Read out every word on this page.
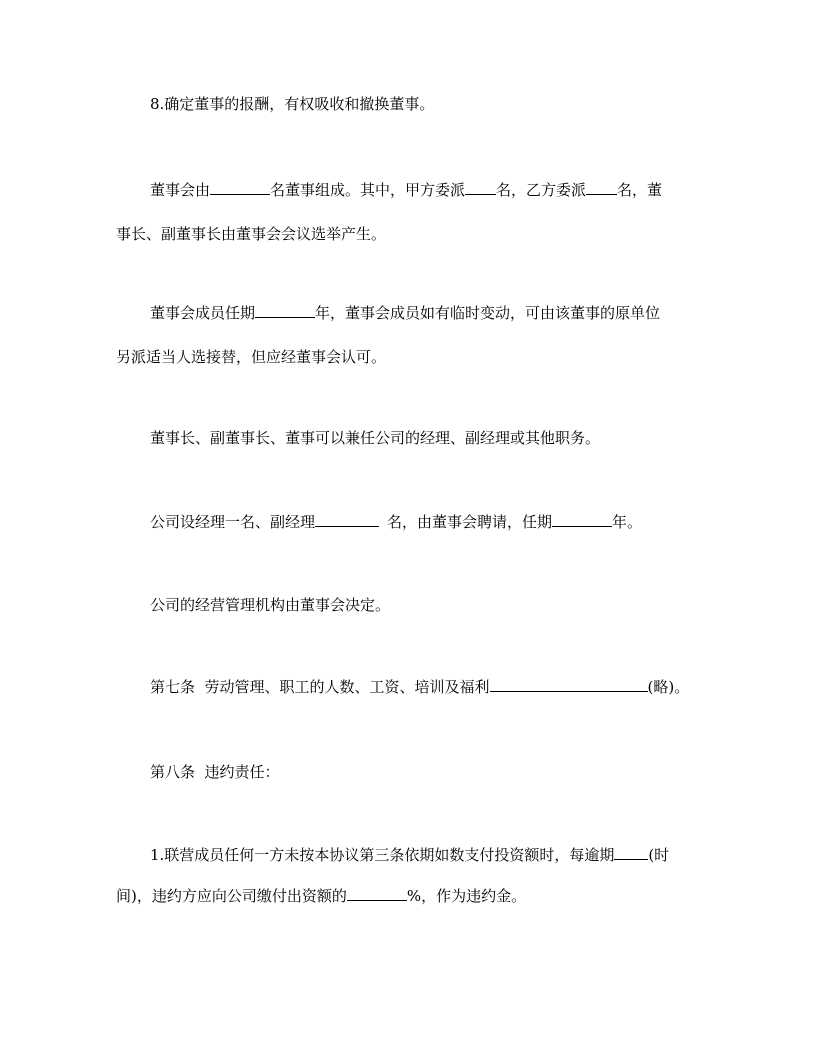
8.确定董事的报酬，有权吸收和撤换董事。
董事会由	名董事组成。其中，甲方委派 名，乙方委派 名，董
事长、副董事长由董事会会议选举产生。
董事会成员任期	年，董事会成员如有临时变动，可由该董事的原单位
另派适当人选接替，但应经董事会认可。
董事长、副董事长、董事可以兼任公司的经理、副经理或其他职务。
公司设经理一名、副经理	名，由董事会聘请，任期	年。
公司的经营管理机构由董事会决定。
第七条  劳动管理、职工的人数、工资、培训及福利	(略)。
第八条  违约责任：
1.联营成员任何一方未按本协议第三条依期如数支付投资额时，每逾期 (时
间)，违约方应向公司缴付出资额的	%，作为违约金。
